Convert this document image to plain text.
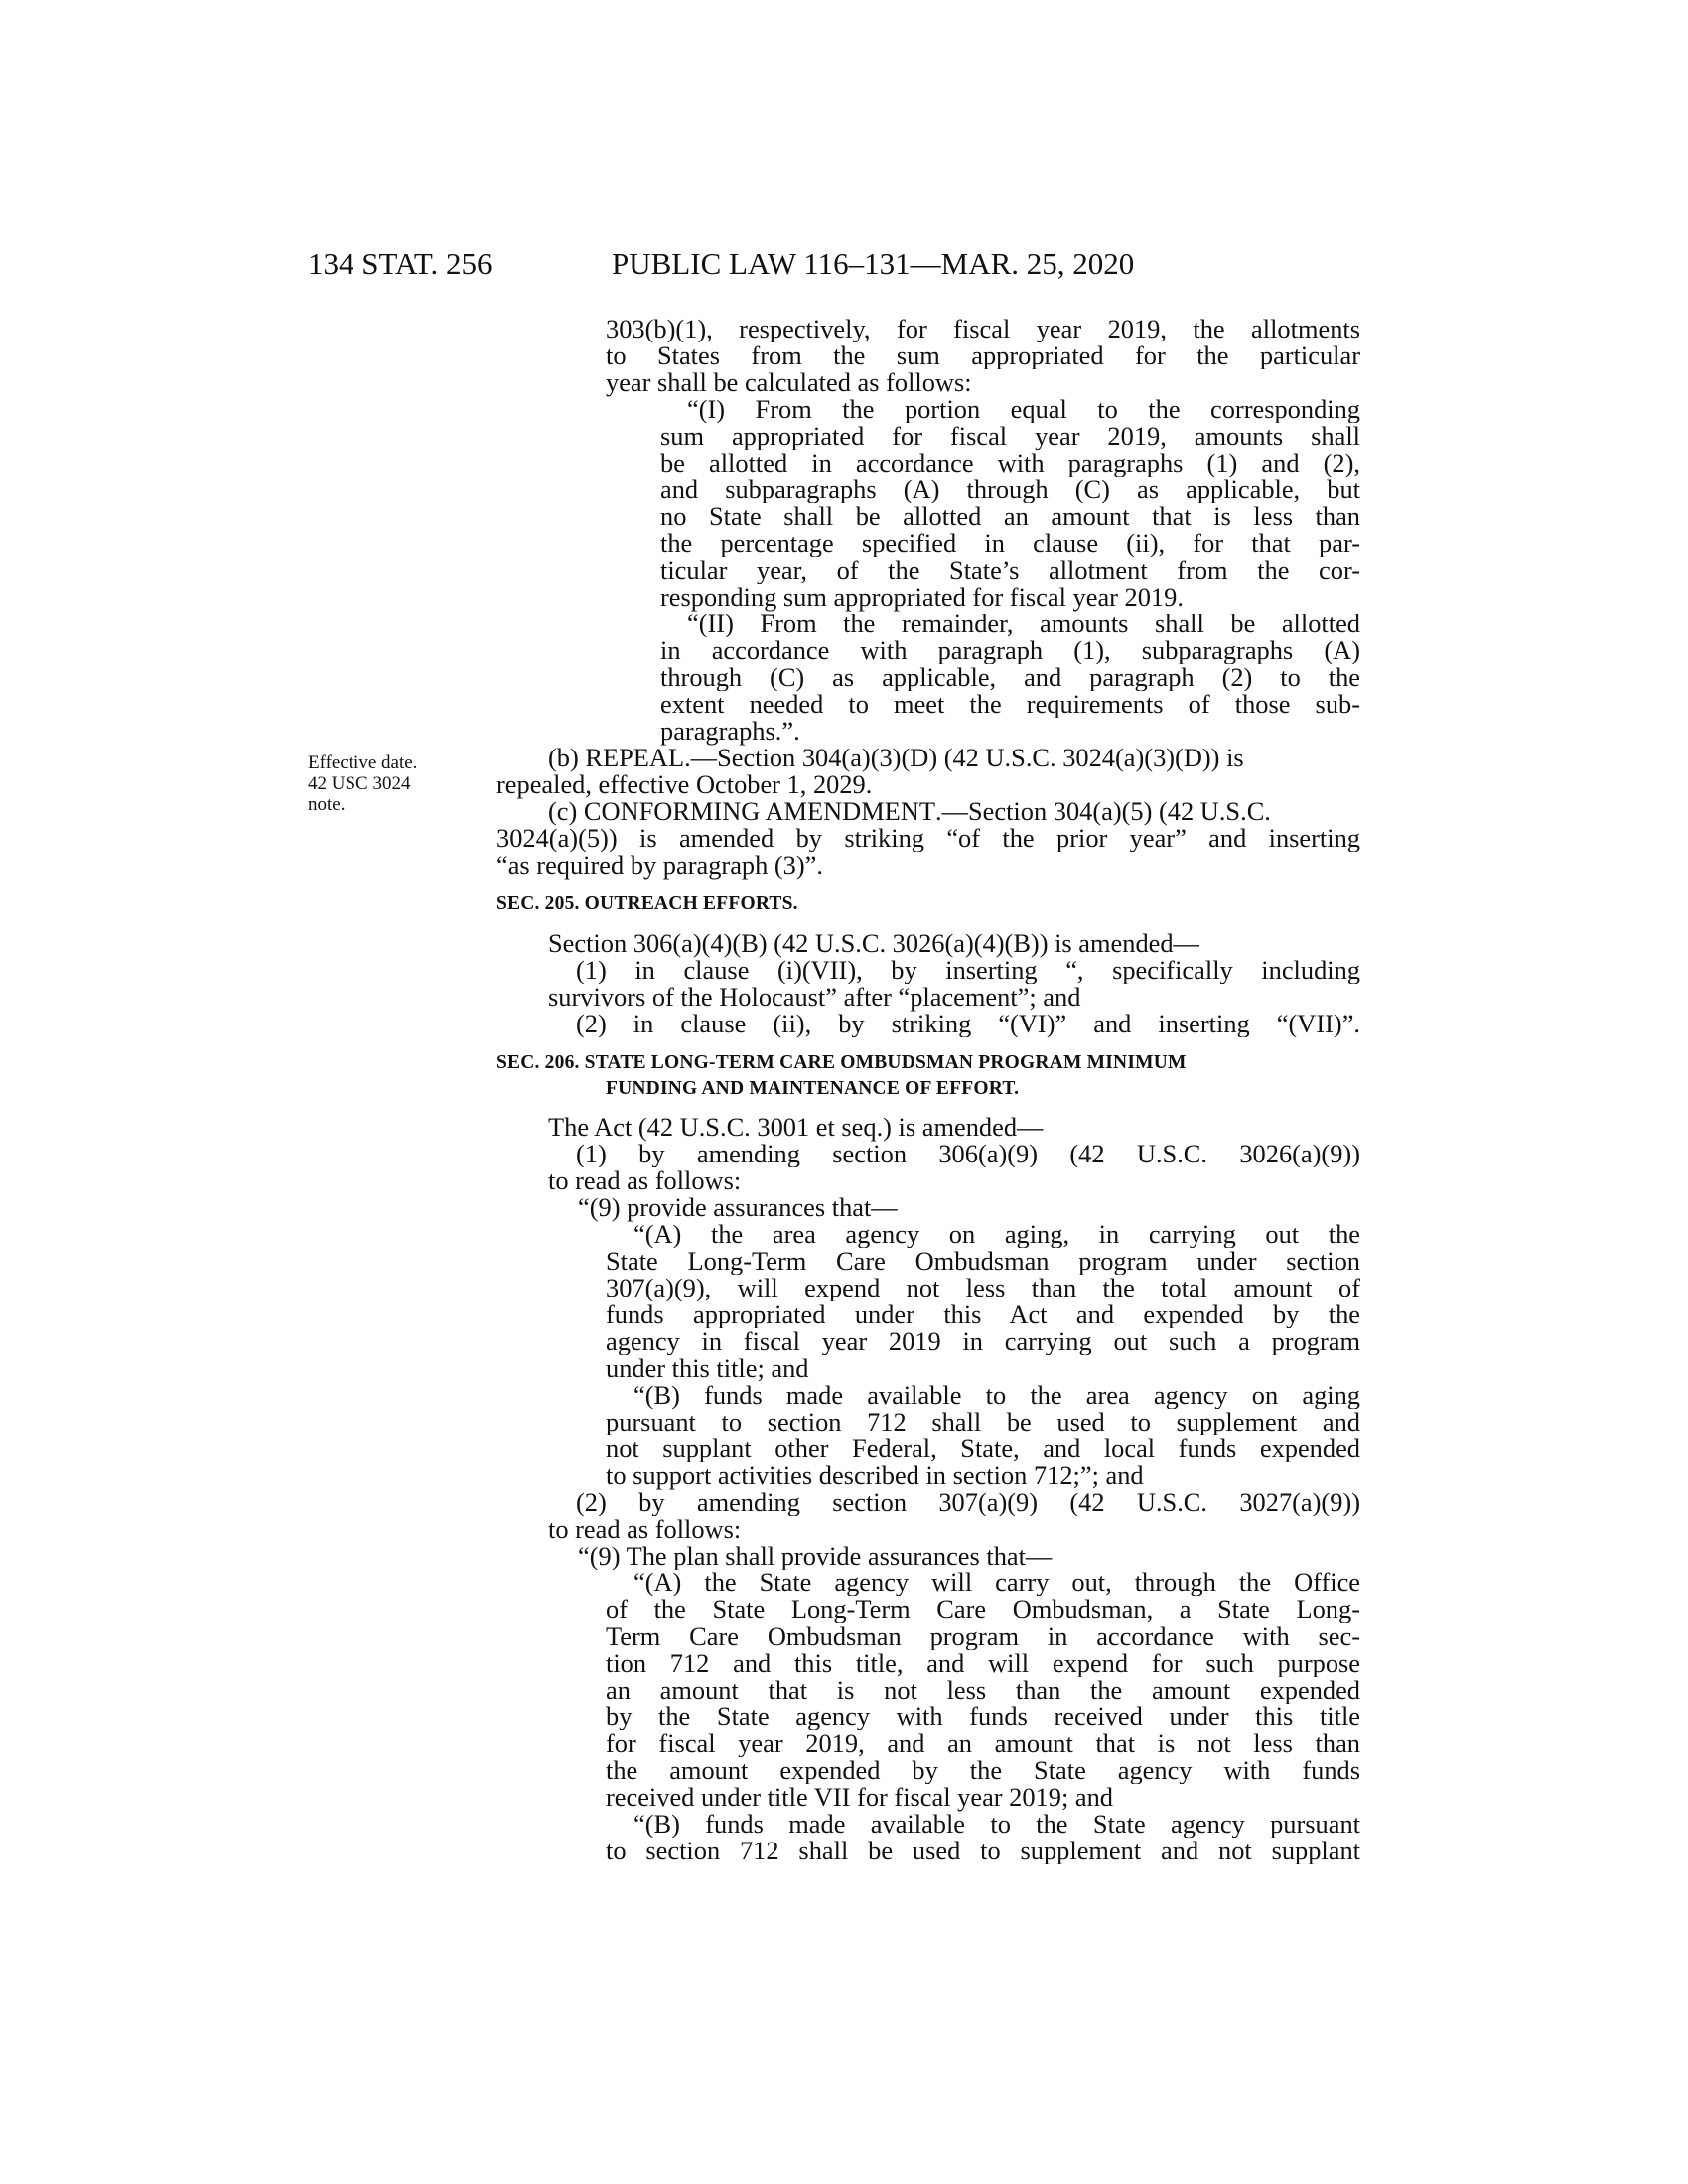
134 STAT. 256	PUBLIC LAW 116–131—MAR. 25, 2020
Effective date.
42 USC 3024
note.
303(b)(1), respectively, for fiscal year 2019, the allotments
to States from the sum appropriated for the particular
year shall be calculated as follows:
“(I) From the portion equal to the corresponding
sum appropriated for fiscal year 2019, amounts shall
be allotted in accordance with paragraphs (1) and (2),
and subparagraphs (A) through (C) as applicable, but
no State shall be allotted an amount that is less than
the percentage specified in clause (ii), for that par-
ticular year, of the State’s allotment from the cor-
responding sum appropriated for fiscal year 2019.
“(II) From the remainder, amounts shall be allotted
in accordance with paragraph (1), subparagraphs (A)
through (C) as applicable, and paragraph (2) to the
extent needed to meet the requirements of those sub-
paragraphs.”.
(b) REPEAL.—Section 304(a)(3)(D) (42 U.S.C. 3024(a)(3)(D)) is
repealed, effective October 1, 2029.
(c) CONFORMING AMENDMENT.—Section 304(a)(5) (42 U.S.C.
3024(a)(5)) is amended by striking “of the prior year” and inserting
“as required by paragraph (3)”.
SEC. 205. OUTREACH EFFORTS.
Section 306(a)(4)(B) (42 U.S.C. 3026(a)(4)(B)) is amended—
(1) in clause (i)(VII), by inserting “, specifically including
survivors of the Holocaust” after “placement”; and
(2) in clause (ii), by striking “(VI)” and inserting “(VII)”.
SEC. 206. STATE LONG-TERM CARE OMBUDSMAN PROGRAM MINIMUM
FUNDING AND MAINTENANCE OF EFFORT.
The Act (42 U.S.C. 3001 et seq.) is amended—
(1) by amending section 306(a)(9) (42 U.S.C. 3026(a)(9))
to read as follows:
“(9) provide assurances that—
“(A) the area agency on aging, in carrying out the
State Long-Term Care Ombudsman program under section
307(a)(9), will expend not less than the total amount of
funds appropriated under this Act and expended by the
agency in fiscal year 2019 in carrying out such a program
under this title; and
“(B) funds made available to the area agency on aging
pursuant to section 712 shall be used to supplement and
not supplant other Federal, State, and local funds expended
to support activities described in section 712;”; and
(2) by amending section 307(a)(9) (42 U.S.C. 3027(a)(9))
to read as follows:
“(9) The plan shall provide assurances that—
“(A) the State agency will carry out, through the Office
of the State Long-Term Care Ombudsman, a State Long-
Term Care Ombudsman program in accordance with sec-
tion 712 and this title, and will expend for such purpose
an amount that is not less than the amount expended
by the State agency with funds received under this title
for fiscal year 2019, and an amount that is not less than
the amount expended by the State agency with funds
received under title VII for fiscal year 2019; and
“(B) funds made available to the State agency pursuant
to section 712 shall be used to supplement and not supplant
